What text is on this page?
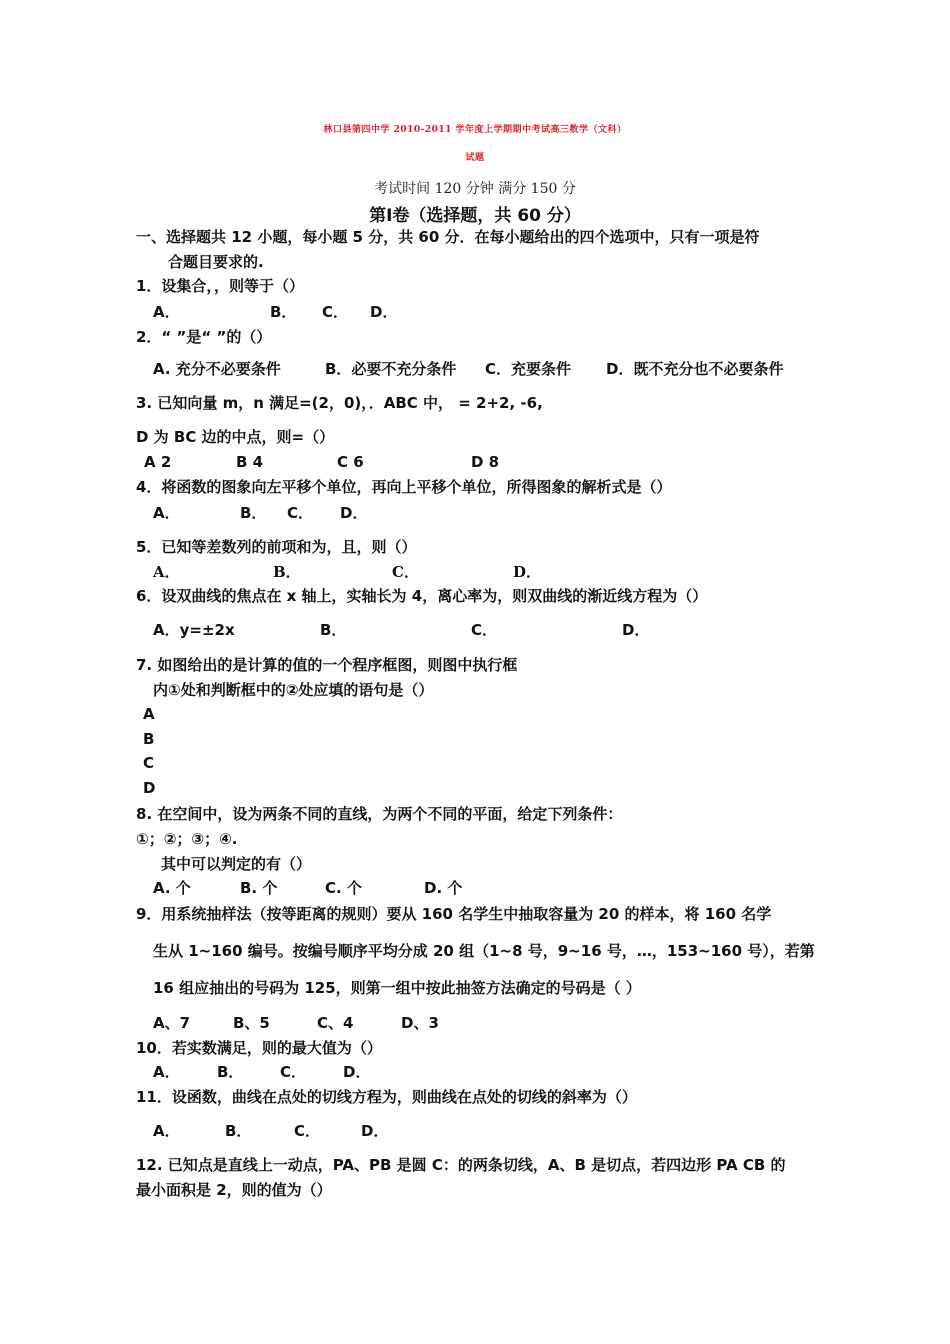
林口县第四中学 2010-2011 学年度上学期期中考试高三数学（文科）
试题
考试时间 120 分钟 满分 150 分
第Ⅰ卷（选择题，共 60 分）
一、选择题共 12 小题，每小题 5 分，共 60 分．在每小题给出的四个选项中，只有一项是符
合题目要求的.
1．设集合，，则等于（）
A．	B． C． D．
2．“ ”是“ ”的（）
A. 充分不必要条件	B．必要不充分条件 C．充要条件 D．既不充分也不必要条件
3. 已知向量 m，n 满足=(2，0)，．ABC 中， = 2+2, -6,
D 为 BC 边的中点，则=（）
A 2	B 4	C 6	D 8
4．将函数的图象向左平移个单位，再向上平移个单位，所得图象的解析式是（）
A．	B． C． D．
5．已知等差数列的前项和为，且，则（）
A．	B．	C．	D．
6．设双曲线的焦点在 x 轴上，实轴长为 4，离心率为，则双曲线的渐近线方程为（）
A．y=±2x	B．	C．	D．
7. 如图给出的是计算的值的一个程序框图，则图中执行框
内①处和判断框中的②处应填的语句是（）
A
B
C
D
8. 在空间中，设为两条不同的直线，为两个不同的平面，给定下列条件：
①；②；③；④.
其中可以判定的有（）
A. 个	B. 个	C. 个	D. 个
9．用系统抽样法（按等距离的规则）要从 160 名学生中抽取容量为 20 的样本，将 160 名学
生从 1~160 编号。按编号顺序平均分成 20 组（1~8 号，9~16 号，…，153~160 号），若第
16 组应抽出的号码为 125，则第一组中按此抽签方法确定的号码是（ ）
A、7	B、5	C、4	D、3
10．若实数满足，则的最大值为（）
A． B． C． D．
11．设函数，曲线在点处的切线方程为，则曲线在点处的切线的斜率为（）
A．	B．	C．	D．
12. 已知点是直线上一动点，PA、PB 是圆 C：的两条切线，A、B 是切点，若四边形 PA CB 的
最小面积是 2，则的值为（）
